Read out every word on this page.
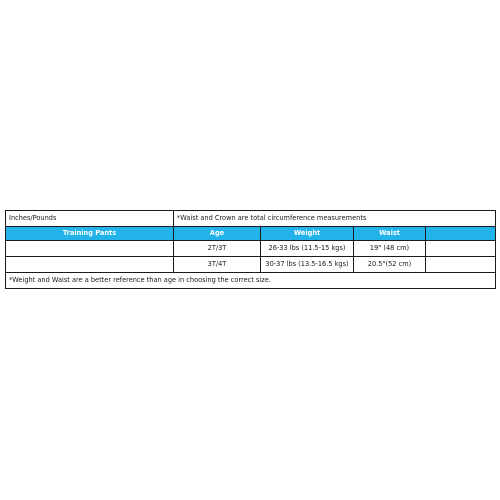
Inches/Pounds	*Waist and Crown are total circumference measurements			
Training Pants	Age	Weight	Waist	
	2T/3T	26-33 lbs (11.5-15 kgs)	19" (48 cm)	
	3T/4T	30-37 lbs (13.5-16.5 kgs)	20.5"(52 cm)	
*Weight and Waist are a better reference than age in choosing the correct size.				
